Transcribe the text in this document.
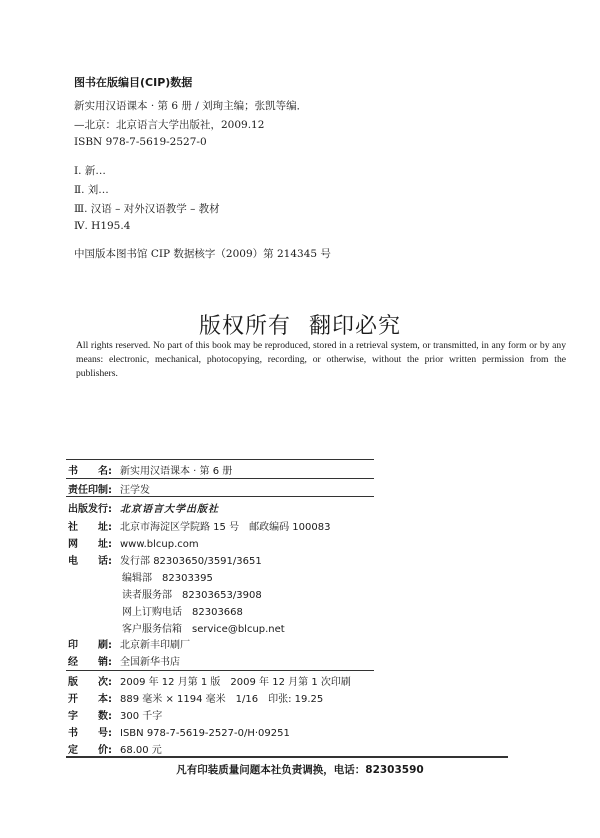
图书在版编目(CIP)数据
新实用汉语课本 · 第 6 册 / 刘珣主编；张凯等编．
—北京：北京语言大学出版社，2009.12
ISBN 978-7-5619-2527-0
Ⅰ. 新…
Ⅱ. 刘…
Ⅲ. 汉语 – 对外汉语教学 – 教材
Ⅳ. H195.4
中国版本图书馆 CIP 数据核字（2009）第 214345 号
版权所有 翻印必究
All rights reserved. No part of this book may be reproduced, stored in a retrieval system, or transmitted, in any form or by any means: electronic, mechanical, photocopying, recording, or otherwise, without the prior written permission from the publishers.
书 名: 新实用汉语课本 · 第 6 册
责任印制: 汪学发
出版发行: 北京语言大学出版社
社 址: 北京市海淀区学院路 15 号　邮政编码 100083
网 址: www.blcup.com
电 话: 发行部 82303650/3591/3651
编辑部 82303395
读者服务部 82303653/3908
网上订购电话 82303668
客户服务信箱 service@blcup.net
印 刷: 北京新丰印刷厂
经 销: 全国新华书店
版 次: 2009 年 12 月第 1 版　2009 年 12 月第 1 次印刷
开 本: 889 毫米 × 1194 毫米　1/16　印张: 19.25
字 数: 300 千字
书 号: ISBN 978-7-5619-2527-0/H·09251
定 价: 68.00 元
凡有印装质量问题本社负责调换，电话：82303590
